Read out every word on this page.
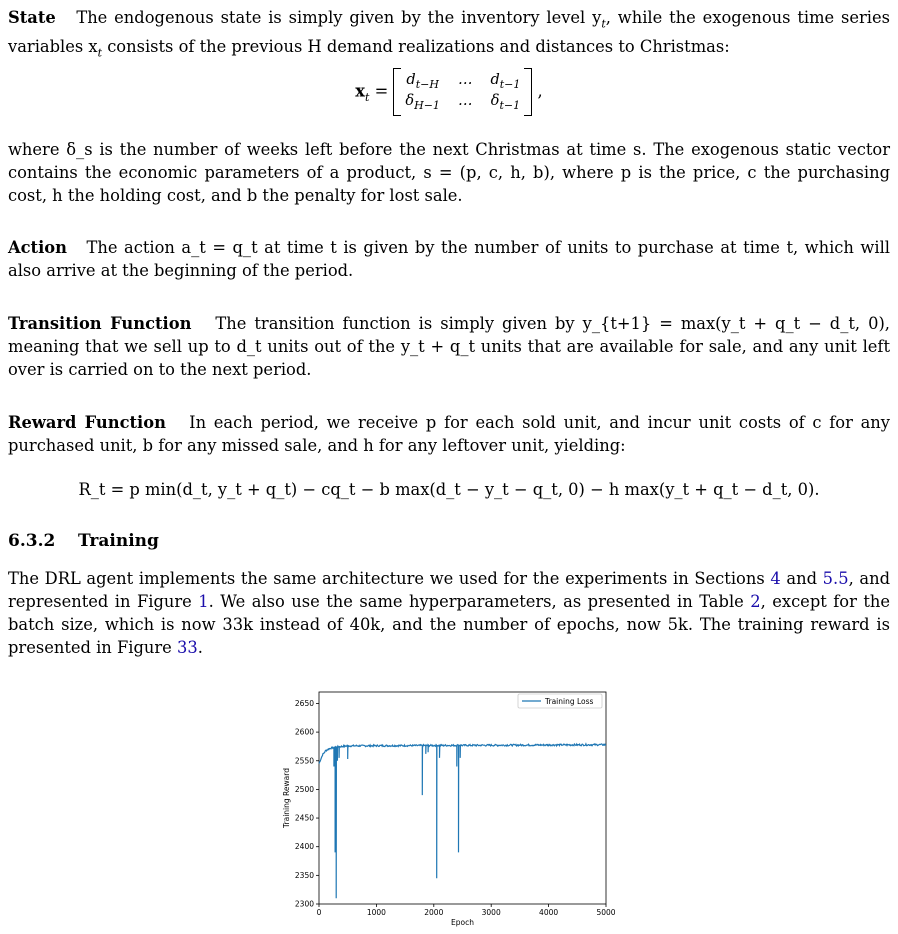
State The endogenous state is simply given by the inventory level $y_t$, while the exogenous time series variables $x_t$ consists of the previous H demand realizations and distances to Christmas:

$x_t$ =
$d_{t-H}$ … $d_{t-1}$
$\delta_{H-1}$ … $\delta_{t-1}$
,

where δ_s is the number of weeks left before the next Christmas at time s. The exogenous static vector contains the economic parameters of a product, s = (p, c, h, b), where p is the price, c the purchasing cost, h the holding cost, and b the penalty for lost sale.

Action The action a_t = q_t at time t is given by the number of units to purchase at time t, which will also arrive at the beginning of the period.

Transition Function The transition function is simply given by y_{t+1} = max(y_t + q_t − d_t, 0), meaning that we sell up to d_t units out of the y_t + q_t units that are available for sale, and any unit left over is carried on to the next period.

Reward Function In each period, we receive p for each sold unit, and incur unit costs of c for any purchased unit, b for any missed sale, and h for any leftover unit, yielding:

R_t = p min(d_t, y_t + q_t) − cq_t − b max(d_t − y_t − q_t, 0) − h max(y_t + q_t − d_t, 0).
6.3.2 Training

The DRL agent implements the same architecture we used for the experiments in Sections 4 and 5.5, and represented in Figure 1. We also use the same hyperparameters, as presented in Table 2, except for the batch size, which is now 33k instead of 40k, and the number of epochs, now 5k. The training reward is presented in Figure 33.

0	1000	2000	3000	4000	5000
2300
2350
2400
2450
2500
2550
2600
2650
Epoch
Training Reward
Training Loss
